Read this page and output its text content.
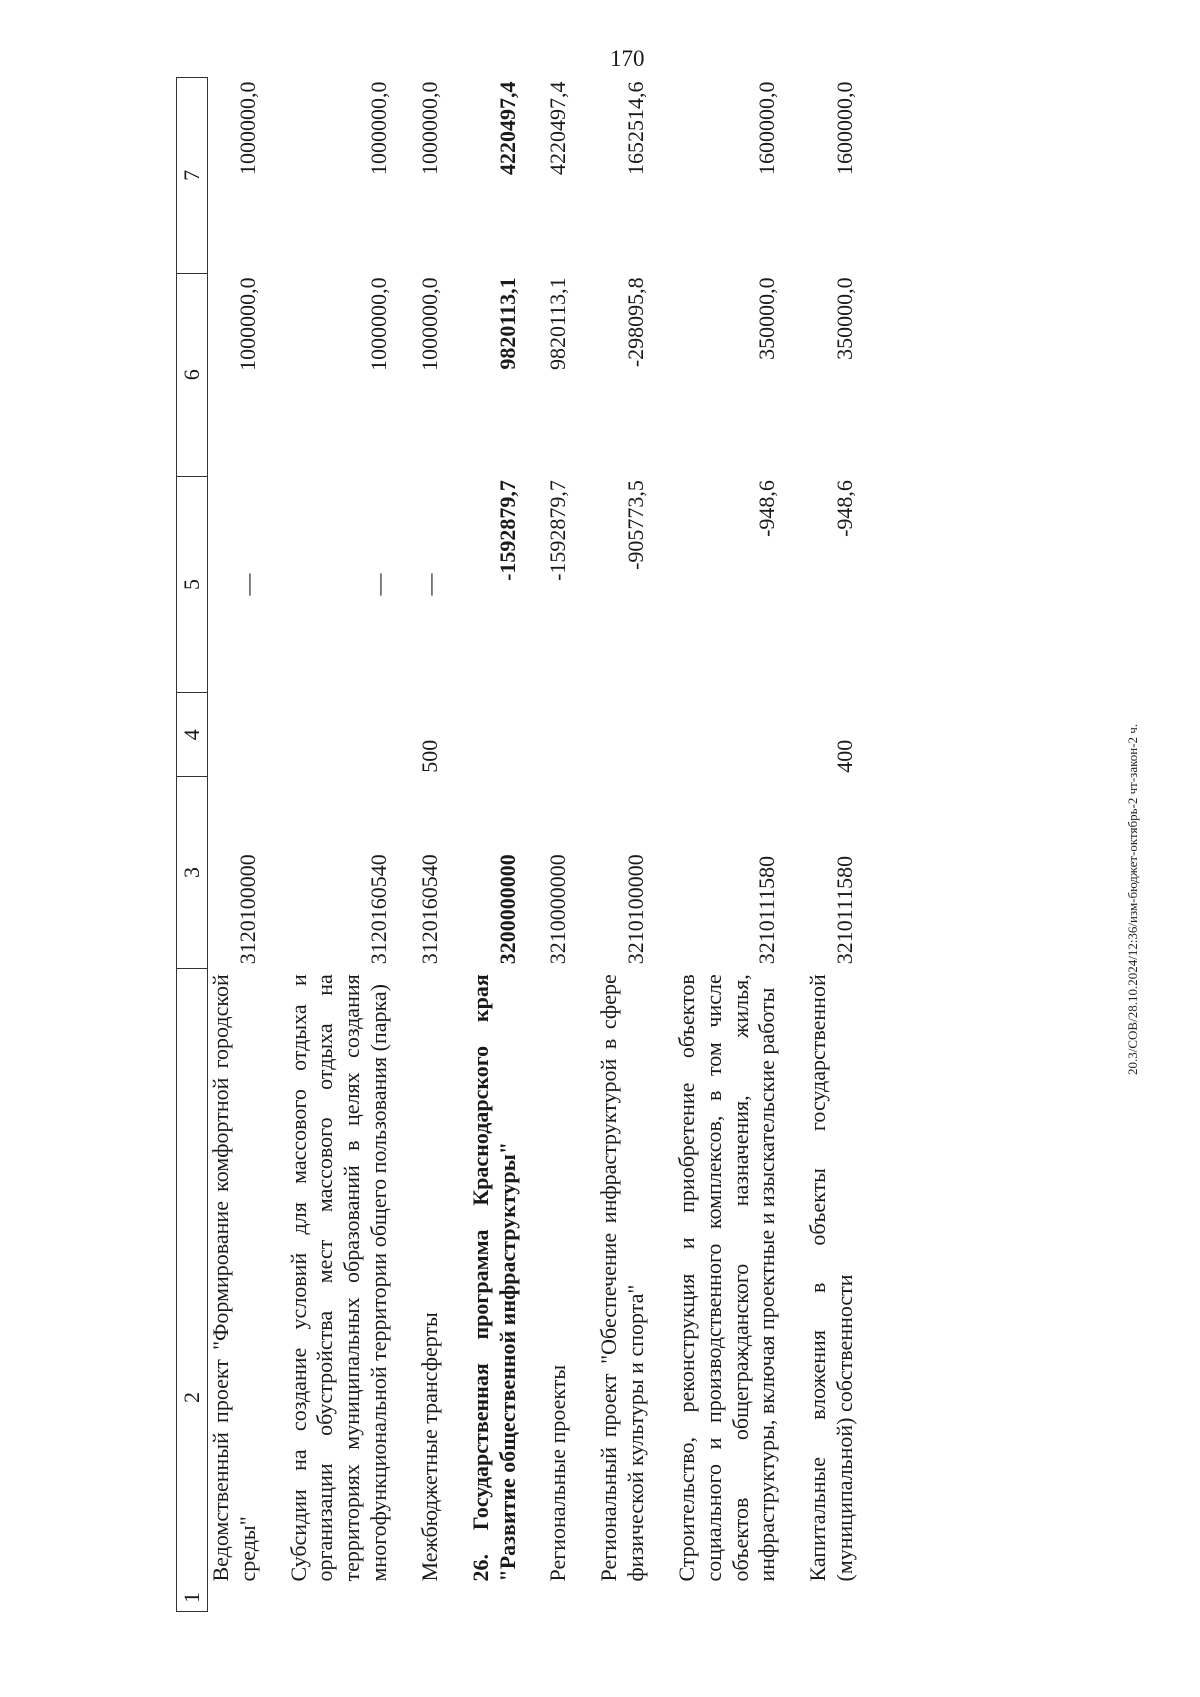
170
20.3/СОВ/28.10.2024/12:36/изм-бюджет-октябрь-2 чт-закон-2 ч.
1  2	3	4	5	6	7
Ведомственный проект "Формирование комфортной городской среды"	3120100000		—	1000000,0	1000000,0

Субсидии на создание условий для массового отдыха и организации обустройства мест массового отдыха на территориях муниципальных образований в целях создания многофункциональной территории общего пользования (парка)	3120160540		—	1000000,0	1000000,0

Межбюджетные трансферты	3120160540	500	—	1000000,0	1000000,0

26. Государственная программа Краснодарского края "Развитие общественной инфраструктуры"	3200000000		-1592879,7	9820113,1	4220497,4

Региональные проекты	3210000000		-1592879,7	9820113,1	4220497,4

Региональный проект "Обеспечение инфраструктурой в сфере физической культуры и спорта"	3210100000		-905773,5	-298095,8	1652514,6

Строительство, реконструкция и приобретение объектов социального и производственного комплексов, в том числе объектов общегражданского назначения, жилья, инфраструктуры, включая проектные и изыскательские работы	3210111580		-948,6	350000,0	1600000,0

Капитальные вложения в объекты государственной (муниципальной) собственности	3210111580	400	-948,6	350000,0	1600000,0
